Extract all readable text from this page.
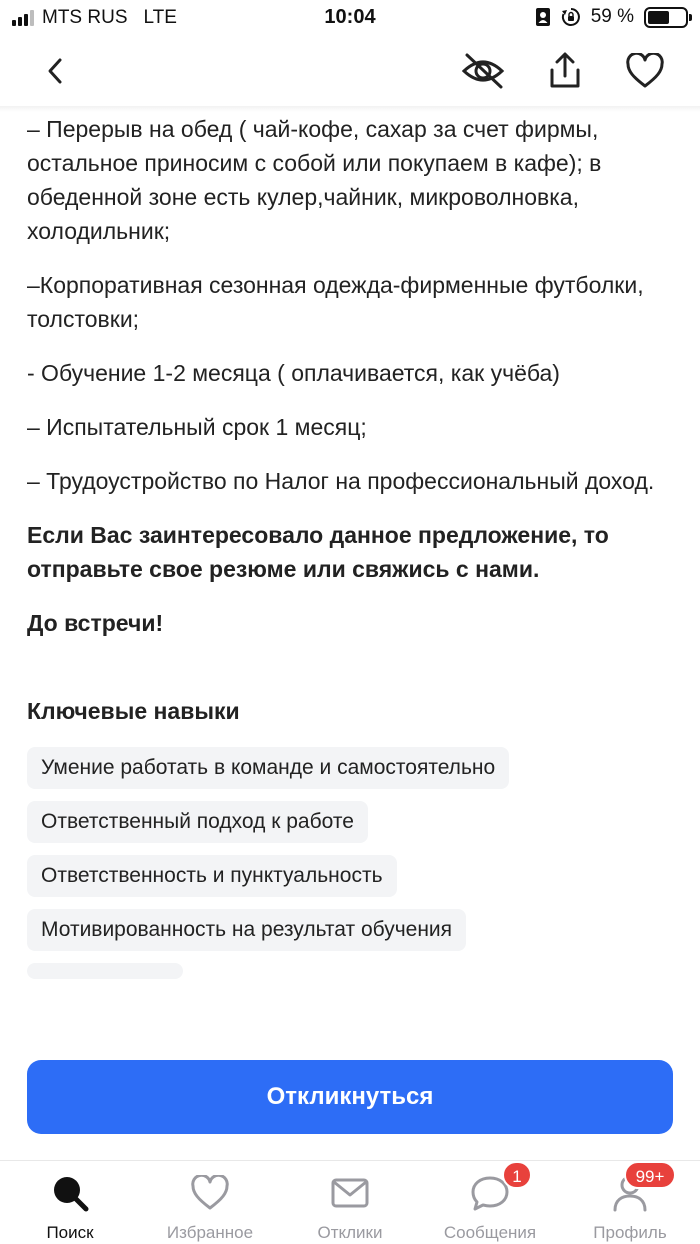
MTS RUS LTE	10:04	59 %

– Перерыв на обед ( чай-кофе, сахар за счет фирмы, остальное приносим с собой или покупаем в кафе); в обеденной зоне есть кулер,чайник, микроволновка, холодильник;

–Корпоративная сезонная одежда-фирменные футболки, толстовки;

- Обучение 1-2 месяца ( оплачивается, как учёба)

– Испытательный срок 1 месяц;

– Трудоустройство по Налог на профессиональный доход.

Если Вас заинтересовало данное предложение, то отправьте свое резюме или свяжись с нами.

До встречи!

Ключевые навыки
Умение работать в команде и самостоятельно
Ответственный подход к работе
Ответственность и пунктуальность
Мотивированность на результат обучения
Откликнуться
Поиск	Избранное	Отклики
1
Сообщения
99+
Профиль
